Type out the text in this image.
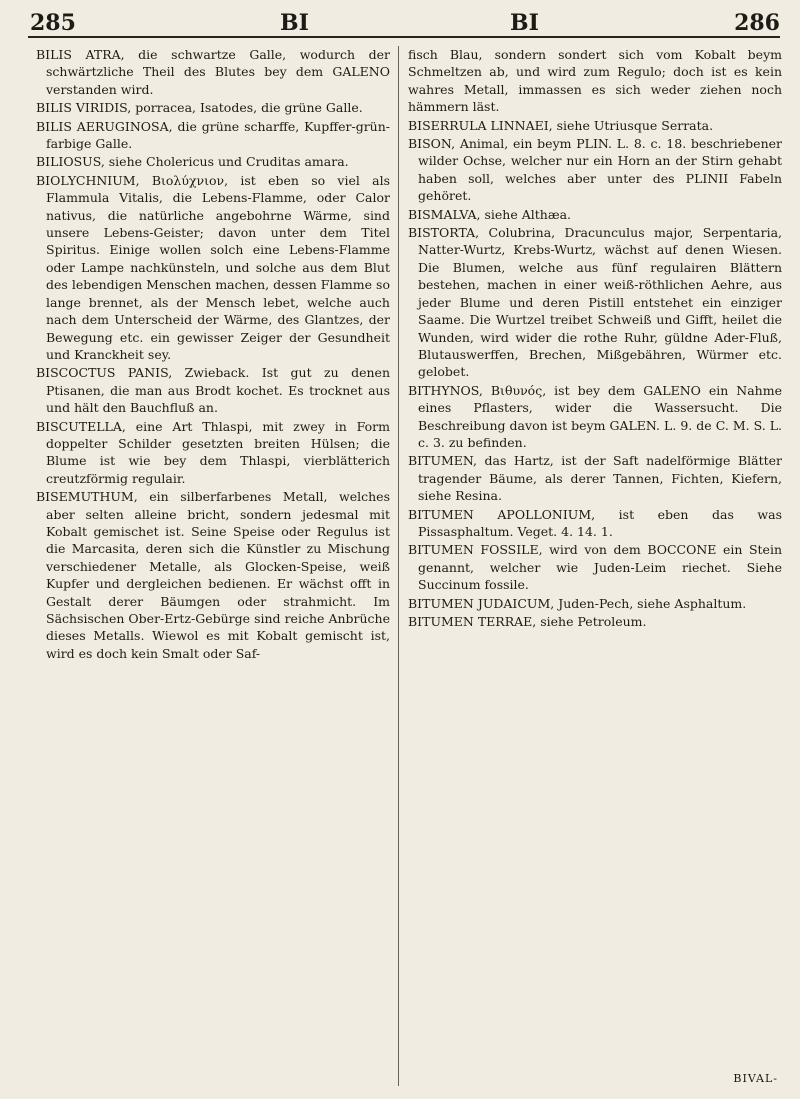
285	BI	BI	286

BILIS ATRA, die schwartze Galle, wodurch der schwärtzliche Theil des Blutes bey dem GALENO verstanden wird.

BILIS VIRIDIS, porracea, Isatodes, die grüne Galle.

BILIS AERUGINOSA, die grüne scharffe, Kupffer-grün-farbige Galle.

BILIOSUS, siehe Cholericus und Cruditas amara.

BIOLYCHNIUM, Βιολύχνιον, ist eben so viel als Flammula Vitalis, die Lebens-Flamme, oder Calor nativus, die natürliche angebohrne Wärme, sind unsere Lebens-Geister; davon unter dem Titel Spiritus. Einige wollen solch eine Lebens-Flamme oder Lampe nachkünsteln, und solche aus dem Blut des lebendigen Menschen machen, dessen Flamme so lange brennet, als der Mensch lebet, welche auch nach dem Unterscheid der Wärme, des Glantzes, der Bewegung etc. ein gewisser Zeiger der Gesundheit und Kranckheit sey.

BISCOCTUS PANIS, Zwieback. Ist gut zu denen Ptisanen, die man aus Brodt kochet. Es trocknet aus und hält den Bauchfluß an.

BISCUTELLA, eine Art Thlaspi, mit zwey in Form doppelter Schilder gesetzten breiten Hülsen; die Blume ist wie bey dem Thlaspi, vierblätterich creutzförmig regulair.

BISEMUTHUM, ein silberfarbenes Metall, welches aber selten alleine bricht, sondern jedesmal mit Kobalt gemischet ist. Seine Speise oder Regulus ist die Marcasita, deren sich die Künstler zu Mischung verschiedener Metalle, als Glocken-Speise, weiß Kupfer und dergleichen bedienen. Er wächst offt in Gestalt derer Bäumgen oder strahmicht. Im Sächsischen Ober-Ertz-Gebürge sind reiche Anbrüche dieses Metalls. Wiewol es mit Kobalt gemischt ist, wird es doch kein Smalt oder Saf-

fisch Blau, sondern sondert sich vom Kobalt beym Schmeltzen ab, und wird zum Regulo; doch ist es kein wahres Metall, immassen es sich weder ziehen noch hämmern läst.

BISERRULA LINNAEI, siehe Utriusque Serrata.

BISON, Animal, ein beym PLIN. L. 8. c. 18. beschriebener wilder Ochse, welcher nur ein Horn an der Stirn gehabt haben soll, welches aber unter des PLINII Fabeln gehöret.

BISMALVA, siehe Althæa.

BISTORTA, Colubrina, Dracunculus major, Serpentaria, Natter-Wurtz, Krebs-Wurtz, wächst auf denen Wiesen. Die Blumen, welche aus fünf regulairen Blättern bestehen, machen in einer weiß-röthlichen Aehre, aus jeder Blume und deren Pistill entstehet ein einziger Saame. Die Wurtzel treibet Schweiß und Gifft, heilet die Wunden, wird wider die rothe Ruhr, güldne Ader-Fluß, Blutauswerffen, Brechen, Mißgebähren, Würmer etc. gelobet.

BITHYNOS, Βιθυνός, ist bey dem GALENO ein Nahme eines Pflasters, wider die Wassersucht. Die Beschreibung davon ist beym GALEN. L. 9. de C. M. S. L. c. 3. zu befinden.

BITUMEN, das Hartz, ist der Saft nadelförmige Blätter tragender Bäume, als derer Tannen, Fichten, Kiefern, siehe Resina.

BITUMEN APOLLONIUM, ist eben das was Pissasphaltum. Veget. 4. 14. 1.

BITUMEN FOSSILE, wird von dem BOCCONE ein Stein genannt, welcher wie Juden-Leim riechet. Siehe Succinum fossile.

BITUMEN JUDAICUM, Juden-Pech, siehe Asphaltum.

BITUMEN TERRAE, siehe Petroleum.

BIVAL-
